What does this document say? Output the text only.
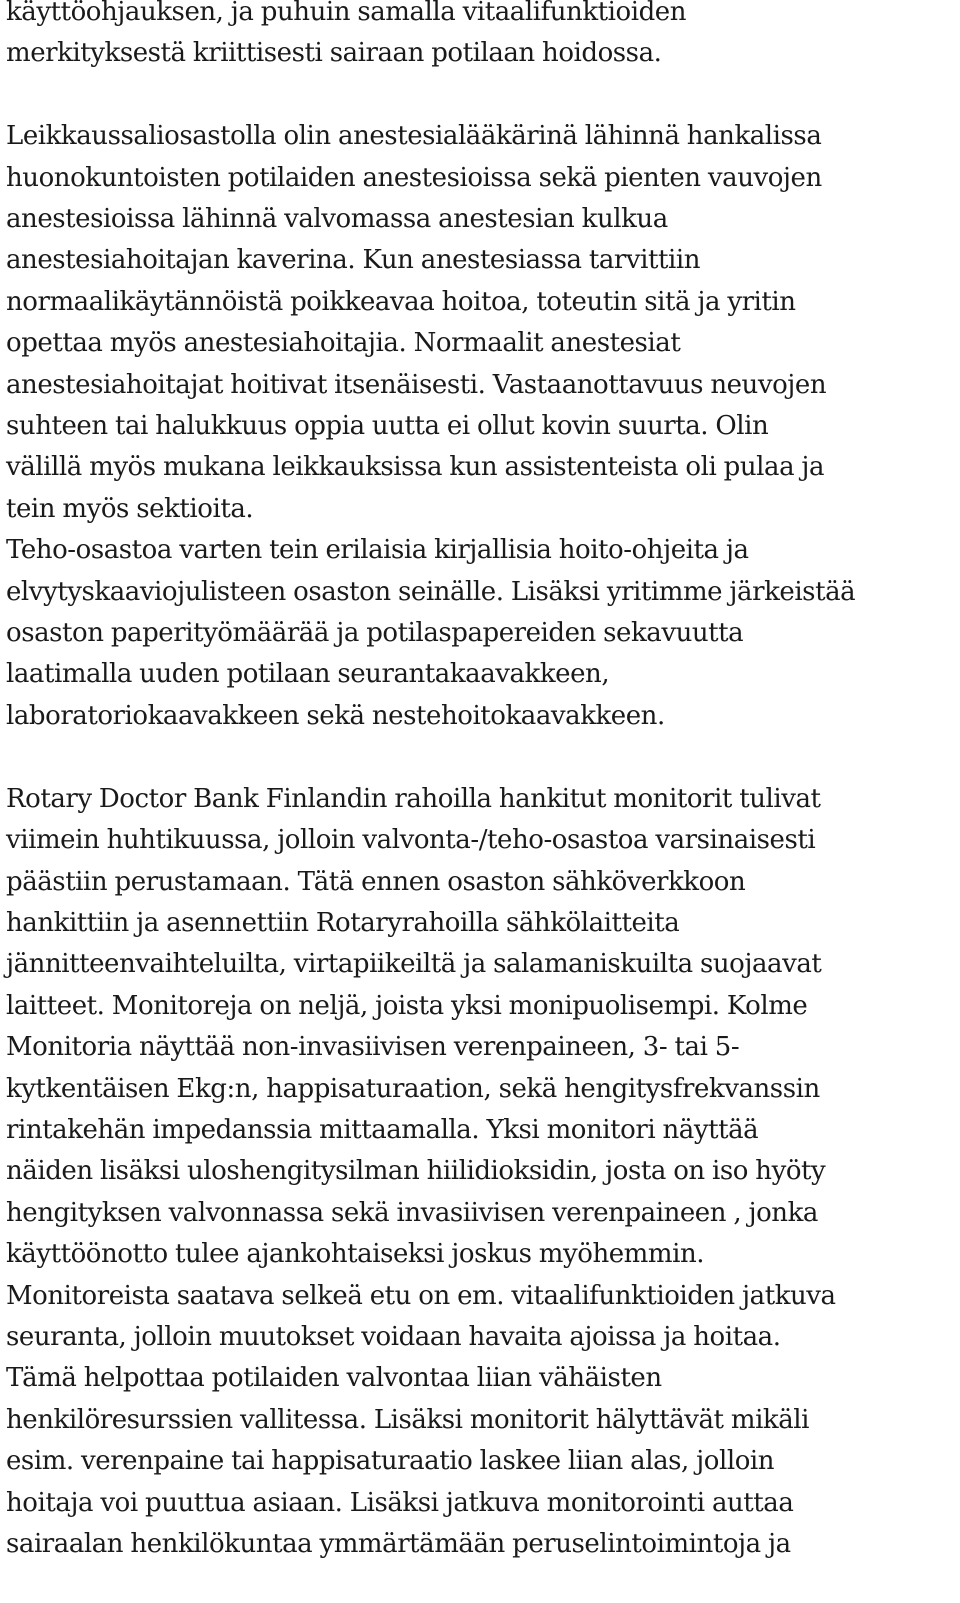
käyttöohjauksen, ja puhuin samalla vitaalifunktioiden
merkityksestä kriittisesti sairaan potilaan hoidossa.
Leikkaussaliosastolla olin anestesialääkärinä lähinnä hankalissa
huonokuntoisten potilaiden anestesioissa sekä pienten vauvojen
anestesioissa lähinnä valvomassa anestesian kulkua
anestesiahoitajan kaverina. Kun anestesiassa tarvittiin
normaalikäytännöistä poikkeavaa hoitoa, toteutin sitä ja yritin
opettaa myös anestesiahoitajia. Normaalit anestesiat
anestesiahoitajat hoitivat itsenäisesti. Vastaanottavuus neuvojen
suhteen tai halukkuus oppia uutta ei ollut kovin suurta. Olin
välillä myös mukana leikkauksissa kun assistenteista oli pulaa ja
tein myös sektioita.
Teho-osastoa varten tein erilaisia kirjallisia hoito-ohjeita ja
elvytyskaaviojulisteen osaston seinälle. Lisäksi yritimme järkeistää
osaston paperityömäärää ja potilaspapereiden sekavuutta
laatimalla uuden potilaan seurantakaavakkeen,
laboratoriokaavakkeen sekä nestehoitokaavakkeen.
Rotary Doctor Bank Finlandin rahoilla hankitut monitorit tulivat
viimein huhtikuussa, jolloin valvonta-/teho-osastoa varsinaisesti
päästiin perustamaan. Tätä ennen osaston sähköverkkoon
hankittiin ja asennettiin Rotaryrahoilla sähkölaitteita
jännitteenvaihteluilta, virtapiikeiltä ja salamaniskuilta suojaavat
laitteet. Monitoreja on neljä, joista yksi monipuolisempi. Kolme
Monitoria näyttää non-invasiivisen verenpaineen, 3- tai 5-
kytkentäisen Ekg:n, happisaturaation, sekä hengitysfrekvanssin
rintakehän impedanssia mittaamalla. Yksi monitori näyttää
näiden lisäksi uloshengitysilman hiilidioksidin, josta on iso hyöty
hengityksen valvonnassa sekä invasiivisen verenpaineen , jonka
käyttöönotto tulee ajankohtaiseksi joskus myöhemmin.
Monitoreista saatava selkeä etu on em. vitaalifunktioiden jatkuva
seuranta, jolloin muutokset voidaan havaita ajoissa ja hoitaa.
Tämä helpottaa potilaiden valvontaa liian vähäisten
henkilöresurssien vallitessa. Lisäksi monitorit hälyttävät mikäli
esim. verenpaine tai happisaturaatio laskee liian alas, jolloin
hoitaja voi puuttua asiaan. Lisäksi jatkuva monitorointi auttaa
sairaalan henkilökuntaa ymmärtämään peruselintoimintoja ja
